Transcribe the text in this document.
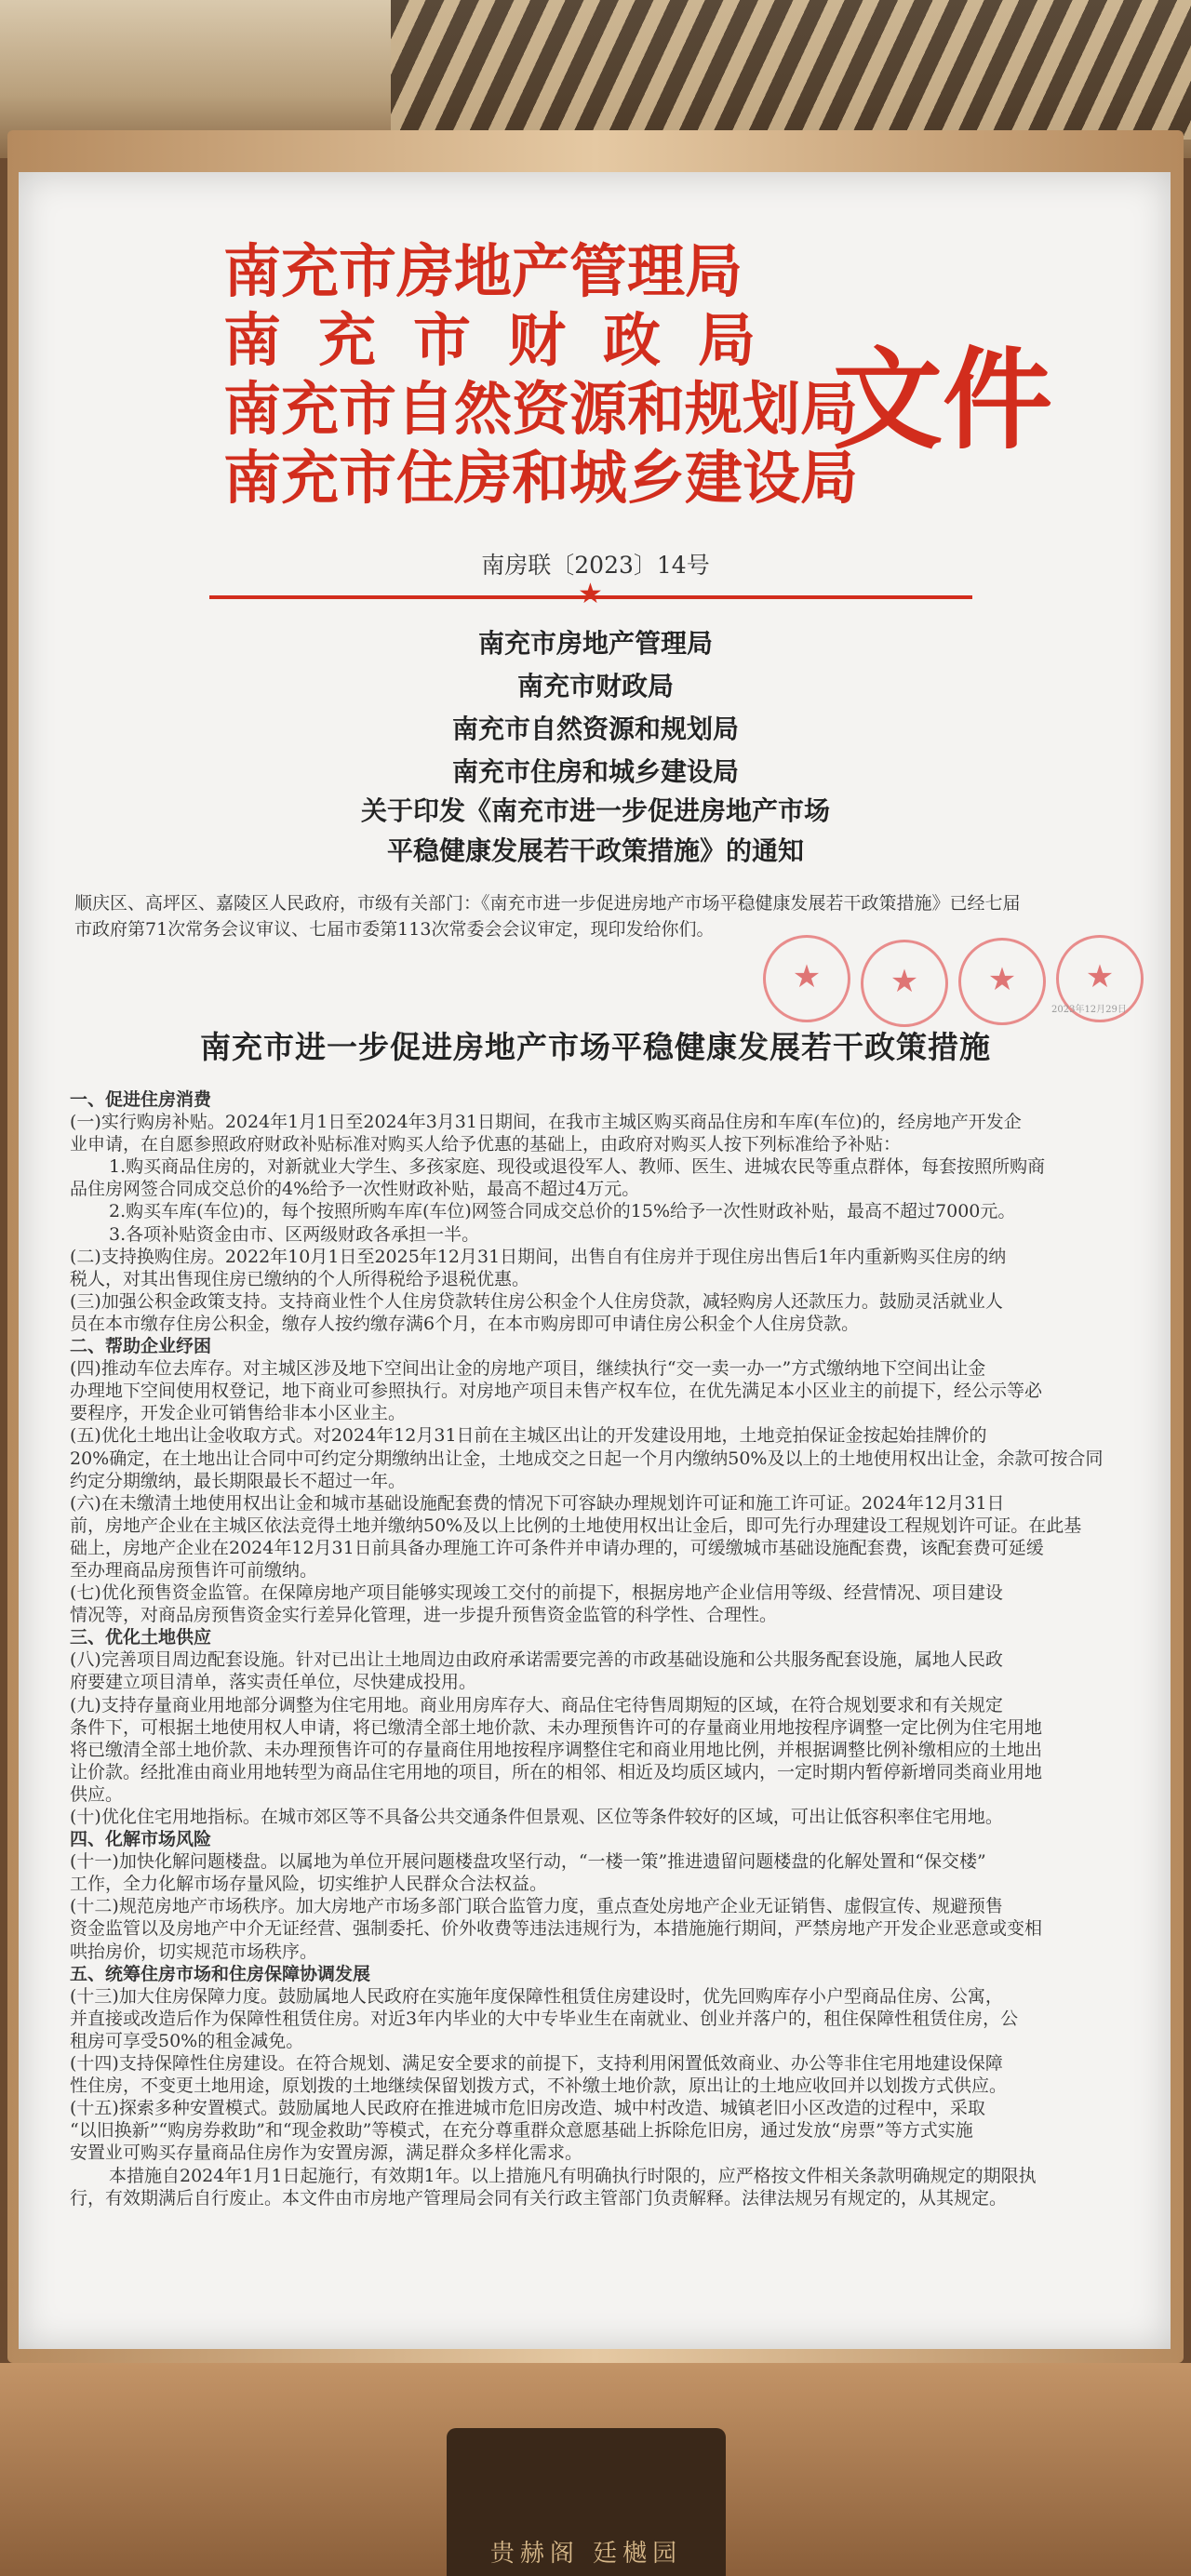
南充市房地产管理局
南充市财政局
南充市自然资源和规划局
南充市住房和城乡建设局
文件
南房联〔2023〕14号
★
南充市房地产管理局
南充市财政局
南充市自然资源和规划局
南充市住房和城乡建设局
关于印发《南充市进一步促进房地产市场
平稳健康发展若干政策措施》的通知
顺庆区、高坪区、嘉陵区人民政府，市级有关部门：《南充市进一步促进房地产市场平稳健康发展若干政策措施》已经七届
市政府第71次常务会议审议、七届市委第113次常委会会议审定，现印发给你们。
★	★	★	★
2023年12月29日
南充市进一步促进房地产市场平稳健康发展若干政策措施

一、促进住房消费

(一)实行购房补贴。2024年1月1日至2024年3月31日期间，在我市主城区购买商品住房和车库(车位)的，经房地产开发企

业申请，在自愿参照政府财政补贴标准对购买人给予优惠的基础上，由政府对购买人按下列标准给予补贴：

1.购买商品住房的，对新就业大学生、多孩家庭、现役或退役军人、教师、医生、进城农民等重点群体，每套按照所购商

品住房网签合同成交总价的4%给予一次性财政补贴，最高不超过4万元。

2.购买车库(车位)的，每个按照所购车库(车位)网签合同成交总价的15%给予一次性财政补贴，最高不超过7000元。

3.各项补贴资金由市、区两级财政各承担一半。

(二)支持换购住房。2022年10月1日至2025年12月31日期间，出售自有住房并于现住房出售后1年内重新购买住房的纳

税人，对其出售现住房已缴纳的个人所得税给予退税优惠。

(三)加强公积金政策支持。支持商业性个人住房贷款转住房公积金个人住房贷款，减轻购房人还款压力。鼓励灵活就业人

员在本市缴存住房公积金，缴存人按约缴存满6个月，在本市购房即可申请住房公积金个人住房贷款。

二、帮助企业纾困

(四)推动车位去库存。对主城区涉及地下空间出让金的房地产项目，继续执行“交一卖一办一”方式缴纳地下空间出让金

办理地下空间使用权登记，地下商业可参照执行。对房地产项目未售产权车位，在优先满足本小区业主的前提下，经公示等必

要程序，开发企业可销售给非本小区业主。

(五)优化土地出让金收取方式。对2024年12月31日前在主城区出让的开发建设用地，土地竞拍保证金按起始挂牌价的

20%确定，在土地出让合同中可约定分期缴纳出让金，土地成交之日起一个月内缴纳50%及以上的土地使用权出让金，余款可按合同

约定分期缴纳，最长期限最长不超过一年。

(六)在未缴清土地使用权出让金和城市基础设施配套费的情况下可容缺办理规划许可证和施工许可证。2024年12月31日

前，房地产企业在主城区依法竞得土地并缴纳50%及以上比例的土地使用权出让金后，即可先行办理建设工程规划许可证。在此基

础上，房地产企业在2024年12月31日前具备办理施工许可条件并申请办理的，可缓缴城市基础设施配套费，该配套费可延缓

至办理商品房预售许可前缴纳。

(七)优化预售资金监管。在保障房地产项目能够实现竣工交付的前提下，根据房地产企业信用等级、经营情况、项目建设

情况等，对商品房预售资金实行差异化管理，进一步提升预售资金监管的科学性、合理性。

三、优化土地供应

(八)完善项目周边配套设施。针对已出让土地周边由政府承诺需要完善的市政基础设施和公共服务配套设施，属地人民政

府要建立项目清单，落实责任单位，尽快建成投用。

(九)支持存量商业用地部分调整为住宅用地。商业用房库存大、商品住宅待售周期短的区域，在符合规划要求和有关规定

条件下，可根据土地使用权人申请，将已缴清全部土地价款、未办理预售许可的存量商业用地按程序调整一定比例为住宅用地

将已缴清全部土地价款、未办理预售许可的存量商住用地按程序调整住宅和商业用地比例，并根据调整比例补缴相应的土地出

让价款。经批准由商业用地转型为商品住宅用地的项目，所在的相邻、相近及均质区域内，一定时期内暂停新增同类商业用地

供应。

(十)优化住宅用地指标。在城市郊区等不具备公共交通条件但景观、区位等条件较好的区域，可出让低容积率住宅用地。

四、化解市场风险

(十一)加快化解问题楼盘。以属地为单位开展问题楼盘攻坚行动，“一楼一策”推进遗留问题楼盘的化解处置和“保交楼”

工作，全力化解市场存量风险，切实维护人民群众合法权益。

(十二)规范房地产市场秩序。加大房地产市场多部门联合监管力度，重点查处房地产企业无证销售、虚假宣传、规避预售

资金监管以及房地产中介无证经营、强制委托、价外收费等违法违规行为，本措施施行期间，严禁房地产开发企业恶意或变相

哄抬房价，切实规范市场秩序。

五、统筹住房市场和住房保障协调发展

(十三)加大住房保障力度。鼓励属地人民政府在实施年度保障性租赁住房建设时，优先回购库存小户型商品住房、公寓，

并直接或改造后作为保障性租赁住房。对近3年内毕业的大中专毕业生在南就业、创业并落户的，租住保障性租赁住房，公

租房可享受50%的租金减免。

(十四)支持保障性住房建设。在符合规划、满足安全要求的前提下，支持利用闲置低效商业、办公等非住宅用地建设保障

性住房，不变更土地用途，原划拨的土地继续保留划拨方式，不补缴土地价款，原出让的土地应收回并以划拨方式供应。

(十五)探索多种安置模式。鼓励属地人民政府在推进城市危旧房改造、城中村改造、城镇老旧小区改造的过程中，采取

“以旧换新”“购房券救助”和“现金救助”等模式，在充分尊重群众意愿基础上拆除危旧房，通过发放“房票”等方式实施

安置业可购买存量商品住房作为安置房源，满足群众多样化需求。

本措施自2024年1月1日起施行，有效期1年。以上措施凡有明确执行时限的，应严格按文件相关条款明确规定的期限执

行，有效期满后自行废止。本文件由市房地产管理局会同有关行政主管部门负责解释。法律法规另有规定的，从其规定。

贵赫阁 廷樾园
